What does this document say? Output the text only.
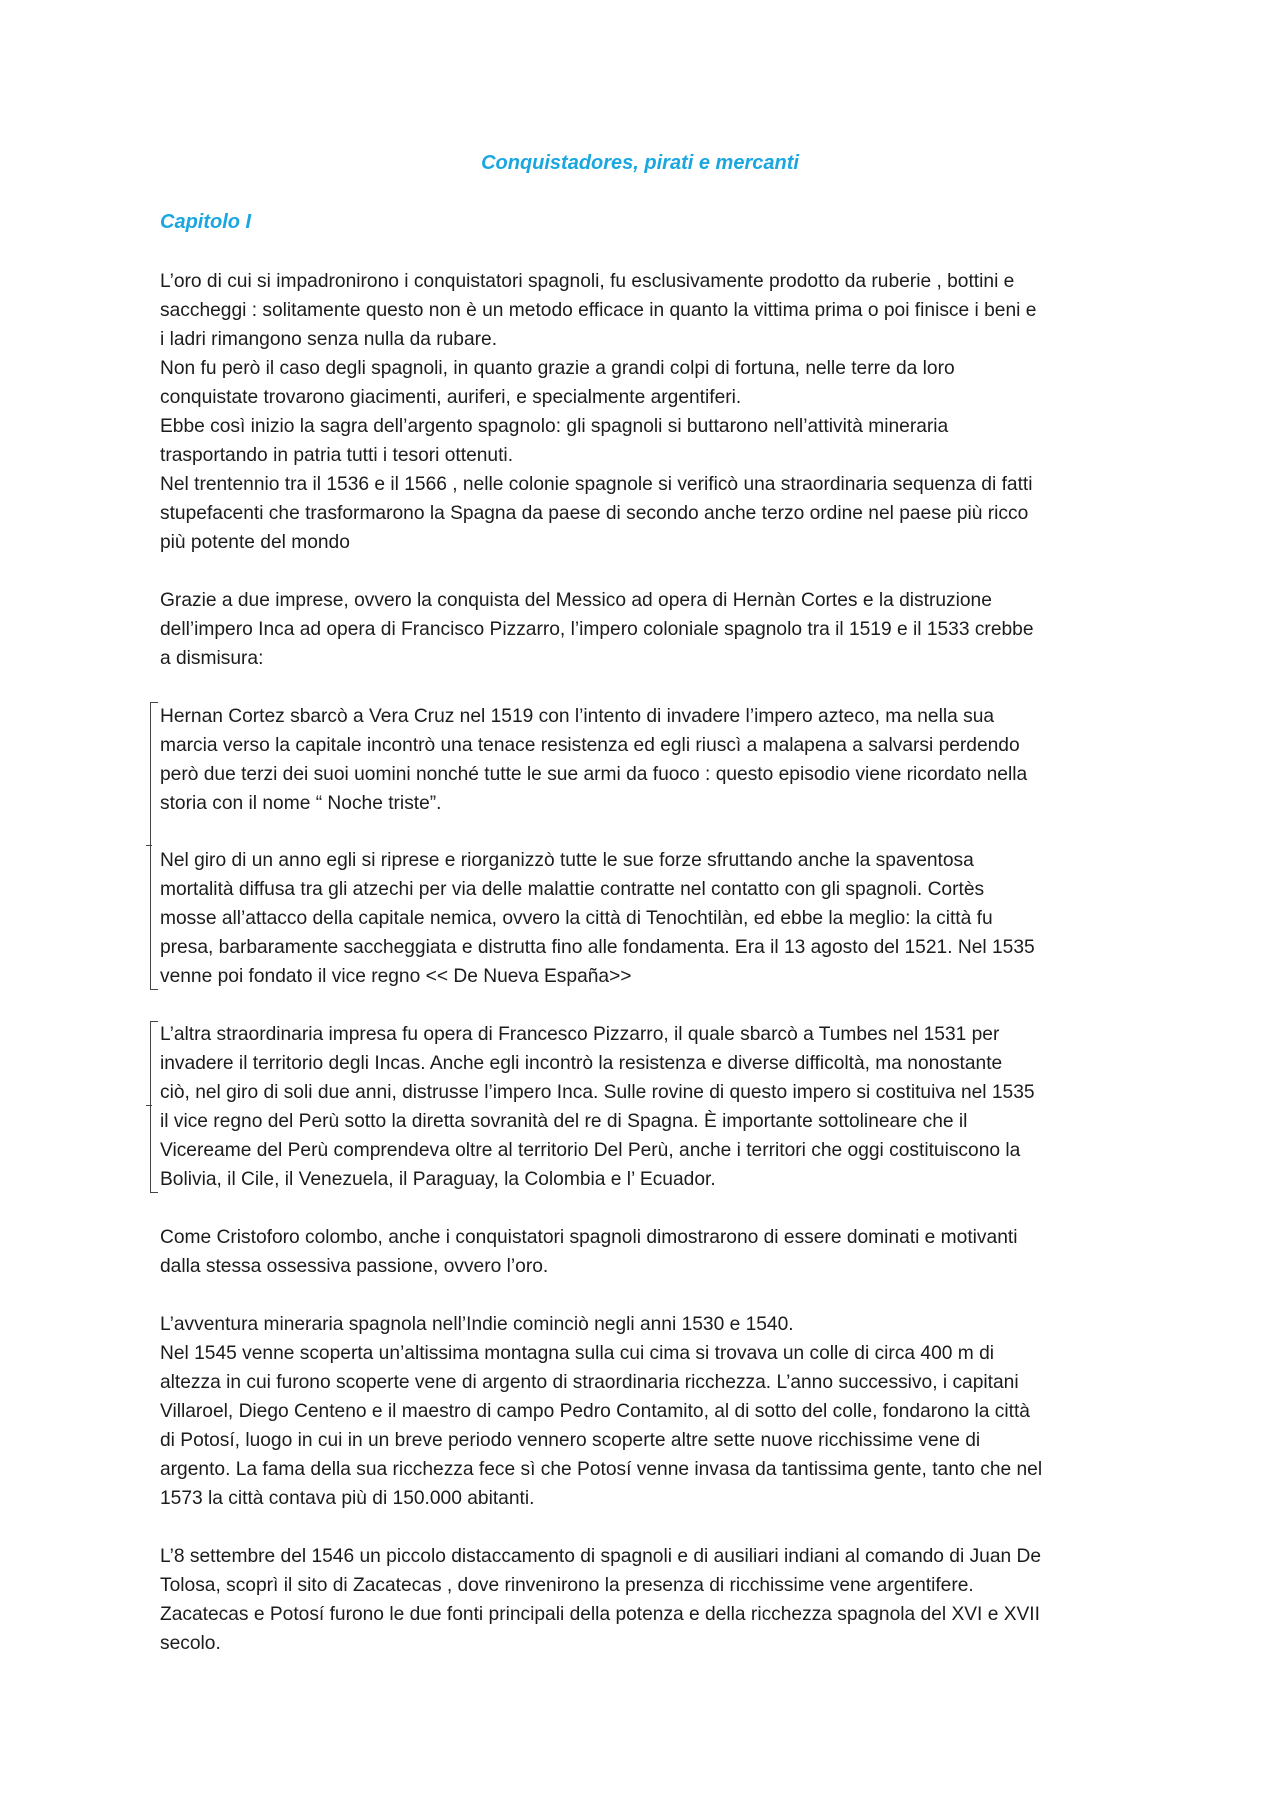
Conquistadores, pirati e mercanti
Capitolo I
L’oro di cui si impadronirono i conquistatori spagnoli, fu esclusivamente prodotto da ruberie , bottini e
saccheggi : solitamente questo non è un metodo efficace in quanto la vittima prima o poi finisce i beni e
i ladri rimangono senza nulla da rubare.
Non fu però il caso degli spagnoli, in quanto grazie a grandi colpi di fortuna, nelle terre da loro
conquistate trovarono giacimenti, auriferi, e specialmente argentiferi.
Ebbe così inizio la sagra dell’argento spagnolo: gli spagnoli si buttarono nell’attività mineraria
trasportando in patria tutti i tesori ottenuti.
Nel trentennio tra il 1536 e il 1566 , nelle colonie spagnole si verificò una straordinaria sequenza di fatti
stupefacenti che trasformarono la Spagna da paese di secondo anche terzo ordine nel paese più ricco
più potente del mondo
Grazie a due imprese, ovvero la conquista del Messico ad opera di Hernàn Cortes e la distruzione
dell’impero Inca ad opera di Francisco Pizzarro, l’impero coloniale spagnolo tra il 1519 e il 1533 crebbe
a dismisura:
Hernan Cortez sbarcò a Vera Cruz nel 1519 con l’intento di invadere l’impero azteco, ma nella sua
marcia verso la capitale incontrò una tenace resistenza ed egli riuscì a malapena a salvarsi perdendo
però due terzi dei suoi uomini nonché tutte le sue armi da fuoco : questo episodio viene ricordato nella
storia con il nome “ Noche triste”.
Nel giro di un anno egli si riprese e riorganizzò tutte le sue forze sfruttando anche la spaventosa
mortalità diffusa tra gli atzechi per via delle malattie contratte nel contatto con gli spagnoli. Cortès
mosse all’attacco della capitale nemica, ovvero la città di Tenochtilàn, ed ebbe la meglio: la città fu
presa, barbaramente saccheggiata e distrutta fino alle fondamenta. Era il 13 agosto del 1521. Nel 1535
venne poi fondato il vice regno << De Nueva España>>
L’altra straordinaria impresa fu opera di Francesco Pizzarro, il quale sbarcò a Tumbes nel 1531 per
invadere il territorio degli Incas. Anche egli incontrò la resistenza e diverse difficoltà, ma nonostante
ciò, nel giro di soli due anni, distrusse l’impero Inca. Sulle rovine di questo impero si costituiva nel 1535
il vice regno del Perù sotto la diretta sovranità del re di Spagna. È importante sottolineare che il
Vicereame del Perù comprendeva oltre al territorio Del Perù, anche i territori che oggi costituiscono la
Bolivia, il Cile, il Venezuela, il Paraguay, la Colombia e l’ Ecuador.
Come Cristoforo colombo, anche i conquistatori spagnoli dimostrarono di essere dominati e motivanti
dalla stessa ossessiva passione, ovvero l’oro.
L’avventura mineraria spagnola nell’Indie cominciò negli anni 1530 e 1540.
Nel 1545 venne scoperta un’altissima montagna sulla cui cima si trovava un colle di circa 400 m di
altezza in cui furono scoperte vene di argento di straordinaria ricchezza. L’anno successivo, i capitani
Villaroel, Diego Centeno e il maestro di campo Pedro Contamito, al di sotto del colle, fondarono la città
di Potosí, luogo in cui in un breve periodo vennero scoperte altre sette nuove ricchissime vene di
argento. La fama della sua ricchezza fece sì che Potosí venne invasa da tantissima gente, tanto che nel
1573 la città contava più di 150.000 abitanti.
L’8 settembre del 1546 un piccolo distaccamento di spagnoli e di ausiliari indiani al comando di Juan De
Tolosa, scoprì il sito di Zacatecas , dove rinvenirono la presenza di ricchissime vene argentifere.
Zacatecas e Potosí furono le due fonti principali della potenza e della ricchezza spagnola del XVI e XVII
secolo.
